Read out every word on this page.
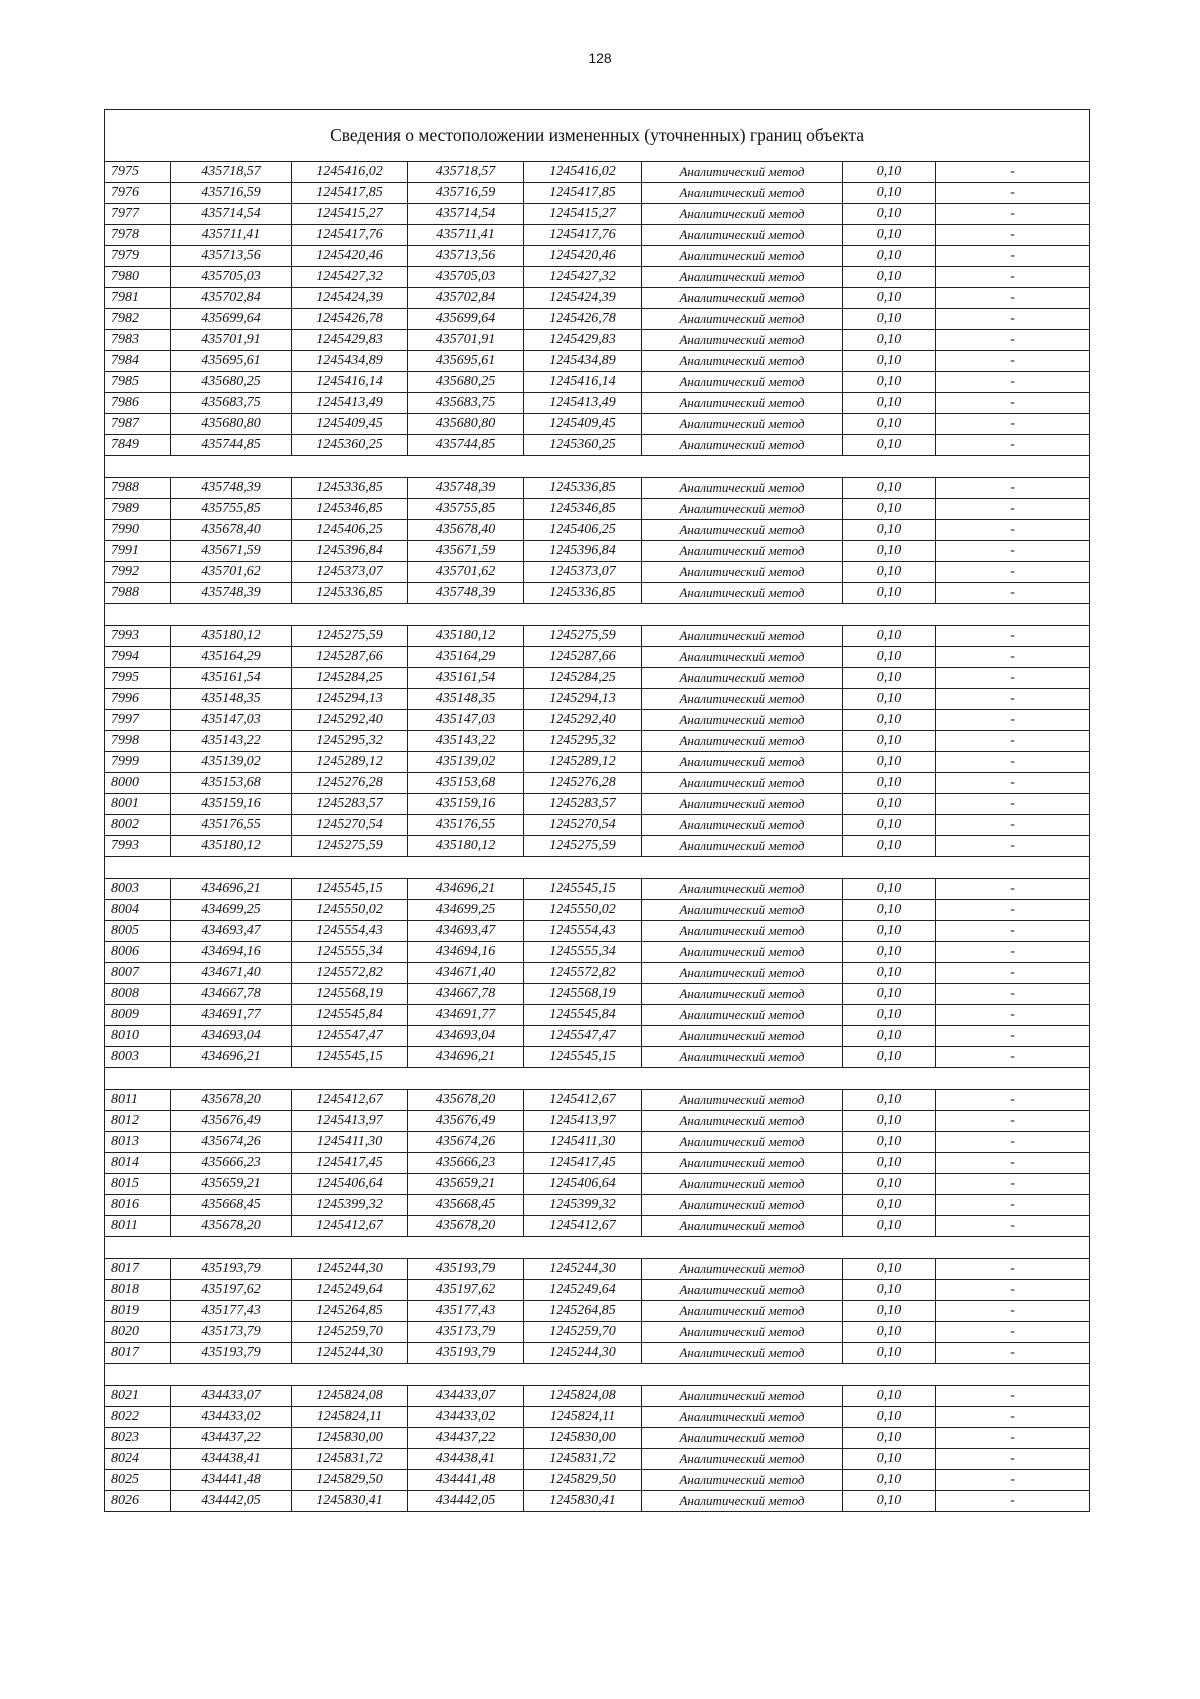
128
Сведения о местоположении измененных (уточненных) границ объекта							
7975	435718,57	1245416,02	435718,57	1245416,02	Аналитический метод	0,10	-
7976	435716,59	1245417,85	435716,59	1245417,85	Аналитический метод	0,10	-
7977	435714,54	1245415,27	435714,54	1245415,27	Аналитический метод	0,10	-
7978	435711,41	1245417,76	435711,41	1245417,76	Аналитический метод	0,10	-
7979	435713,56	1245420,46	435713,56	1245420,46	Аналитический метод	0,10	-
7980	435705,03	1245427,32	435705,03	1245427,32	Аналитический метод	0,10	-
7981	435702,84	1245424,39	435702,84	1245424,39	Аналитический метод	0,10	-
7982	435699,64	1245426,78	435699,64	1245426,78	Аналитический метод	0,10	-
7983	435701,91	1245429,83	435701,91	1245429,83	Аналитический метод	0,10	-
7984	435695,61	1245434,89	435695,61	1245434,89	Аналитический метод	0,10	-
7985	435680,25	1245416,14	435680,25	1245416,14	Аналитический метод	0,10	-
7986	435683,75	1245413,49	435683,75	1245413,49	Аналитический метод	0,10	-
7987	435680,80	1245409,45	435680,80	1245409,45	Аналитический метод	0,10	-
7849	435744,85	1245360,25	435744,85	1245360,25	Аналитический метод	0,10	-

7988	435748,39	1245336,85	435748,39	1245336,85	Аналитический метод	0,10	-
7989	435755,85	1245346,85	435755,85	1245346,85	Аналитический метод	0,10	-
7990	435678,40	1245406,25	435678,40	1245406,25	Аналитический метод	0,10	-
7991	435671,59	1245396,84	435671,59	1245396,84	Аналитический метод	0,10	-
7992	435701,62	1245373,07	435701,62	1245373,07	Аналитический метод	0,10	-
7988	435748,39	1245336,85	435748,39	1245336,85	Аналитический метод	0,10	-

7993	435180,12	1245275,59	435180,12	1245275,59	Аналитический метод	0,10	-
7994	435164,29	1245287,66	435164,29	1245287,66	Аналитический метод	0,10	-
7995	435161,54	1245284,25	435161,54	1245284,25	Аналитический метод	0,10	-
7996	435148,35	1245294,13	435148,35	1245294,13	Аналитический метод	0,10	-
7997	435147,03	1245292,40	435147,03	1245292,40	Аналитический метод	0,10	-
7998	435143,22	1245295,32	435143,22	1245295,32	Аналитический метод	0,10	-
7999	435139,02	1245289,12	435139,02	1245289,12	Аналитический метод	0,10	-
8000	435153,68	1245276,28	435153,68	1245276,28	Аналитический метод	0,10	-
8001	435159,16	1245283,57	435159,16	1245283,57	Аналитический метод	0,10	-
8002	435176,55	1245270,54	435176,55	1245270,54	Аналитический метод	0,10	-
7993	435180,12	1245275,59	435180,12	1245275,59	Аналитический метод	0,10	-

8003	434696,21	1245545,15	434696,21	1245545,15	Аналитический метод	0,10	-
8004	434699,25	1245550,02	434699,25	1245550,02	Аналитический метод	0,10	-
8005	434693,47	1245554,43	434693,47	1245554,43	Аналитический метод	0,10	-
8006	434694,16	1245555,34	434694,16	1245555,34	Аналитический метод	0,10	-
8007	434671,40	1245572,82	434671,40	1245572,82	Аналитический метод	0,10	-
8008	434667,78	1245568,19	434667,78	1245568,19	Аналитический метод	0,10	-
8009	434691,77	1245545,84	434691,77	1245545,84	Аналитический метод	0,10	-
8010	434693,04	1245547,47	434693,04	1245547,47	Аналитический метод	0,10	-
8003	434696,21	1245545,15	434696,21	1245545,15	Аналитический метод	0,10	-

8011	435678,20	1245412,67	435678,20	1245412,67	Аналитический метод	0,10	-
8012	435676,49	1245413,97	435676,49	1245413,97	Аналитический метод	0,10	-
8013	435674,26	1245411,30	435674,26	1245411,30	Аналитический метод	0,10	-
8014	435666,23	1245417,45	435666,23	1245417,45	Аналитический метод	0,10	-
8015	435659,21	1245406,64	435659,21	1245406,64	Аналитический метод	0,10	-
8016	435668,45	1245399,32	435668,45	1245399,32	Аналитический метод	0,10	-
8011	435678,20	1245412,67	435678,20	1245412,67	Аналитический метод	0,10	-

8017	435193,79	1245244,30	435193,79	1245244,30	Аналитический метод	0,10	-
8018	435197,62	1245249,64	435197,62	1245249,64	Аналитический метод	0,10	-
8019	435177,43	1245264,85	435177,43	1245264,85	Аналитический метод	0,10	-
8020	435173,79	1245259,70	435173,79	1245259,70	Аналитический метод	0,10	-
8017	435193,79	1245244,30	435193,79	1245244,30	Аналитический метод	0,10	-

8021	434433,07	1245824,08	434433,07	1245824,08	Аналитический метод	0,10	-
8022	434433,02	1245824,11	434433,02	1245824,11	Аналитический метод	0,10	-
8023	434437,22	1245830,00	434437,22	1245830,00	Аналитический метод	0,10	-
8024	434438,41	1245831,72	434438,41	1245831,72	Аналитический метод	0,10	-
8025	434441,48	1245829,50	434441,48	1245829,50	Аналитический метод	0,10	-
8026	434442,05	1245830,41	434442,05	1245830,41	Аналитический метод	0,10	-
